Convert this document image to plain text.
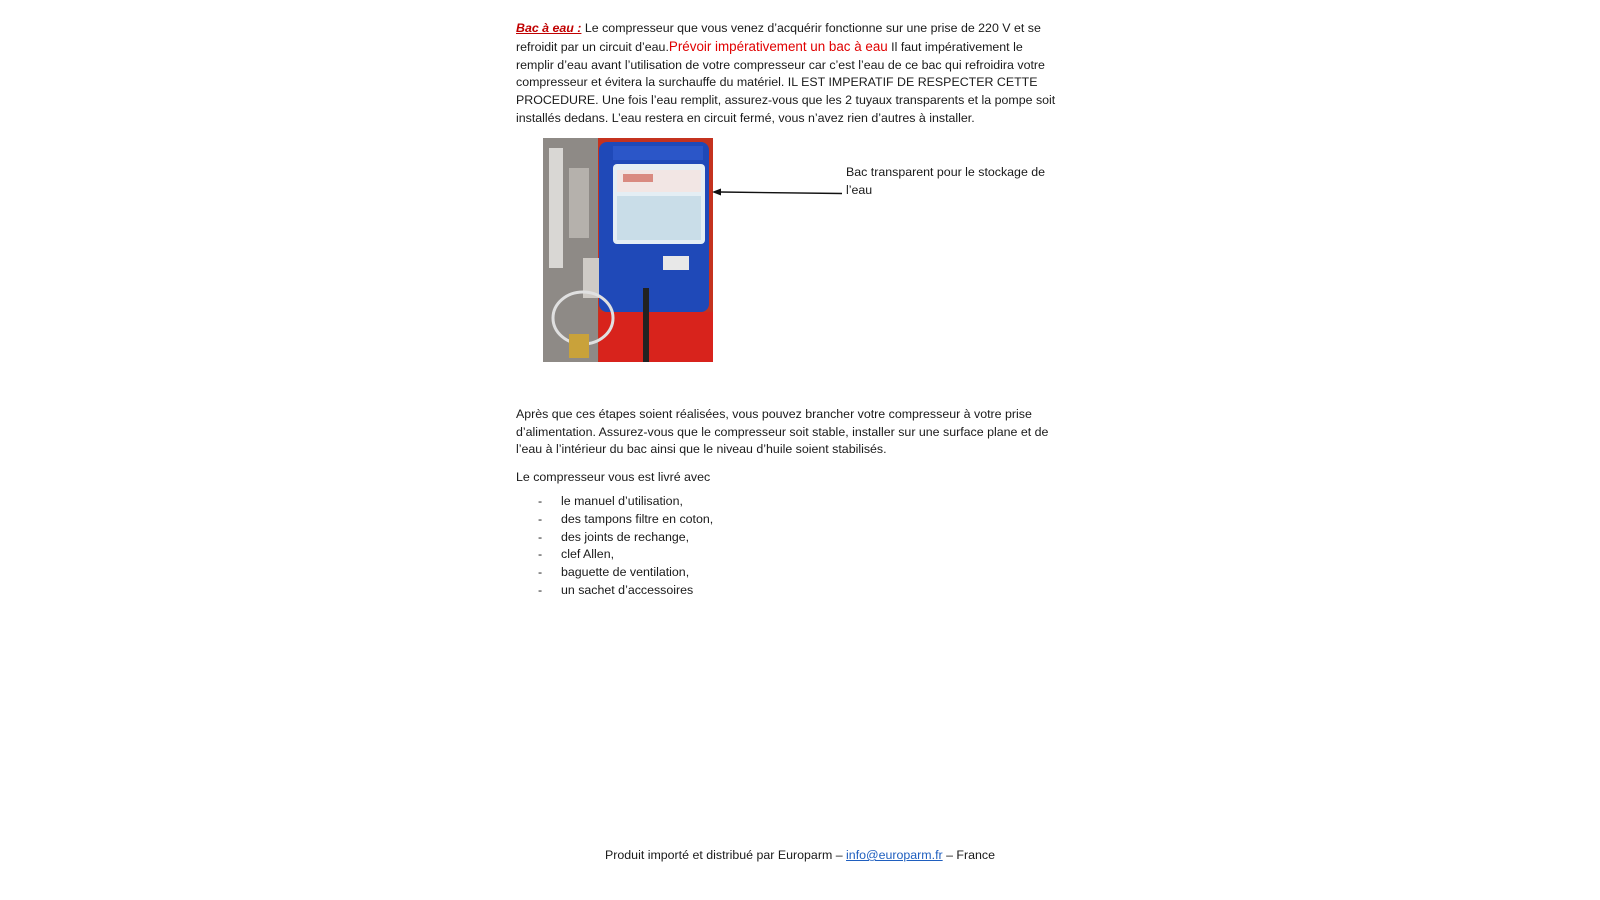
Bac à eau : Le compresseur que vous venez d’acquérir fonctionne sur une prise de 220 V et se refroidit par un circuit d’eau.Prévoir impérativement un bac à eau Il faut impérativement le remplir d’eau avant l’utilisation de votre compresseur car c’est l’eau de ce bac qui refroidira votre compresseur et évitera la surchauffe du matériel. IL EST IMPERATIF DE RESPECTER CETTE PROCEDURE. Une fois l’eau remplit, assurez-vous que les 2 tuyaux transparents et la pompe soit installés dedans. L’eau restera en circuit fermé, vous n’avez rien d’autres à installer.

Bac transparent pour le stockage de l’eau

Après que ces étapes soient réalisées, vous pouvez brancher votre compresseur à votre prise d’alimentation. Assurez-vous que le compresseur soit stable, installer sur une surface plane et de l’eau à l’intérieur du bac ainsi que le niveau d’huile soient stabilisés.

Le compresseur vous est livré avec

- le manuel d’utilisation,
- des tampons filtre en coton,
- des joints de rechange,
- clef Allen,
- baguette de ventilation,
- un sachet d’accessoires
Produit importé et distribué par Europarm – info@europarm.fr – France
